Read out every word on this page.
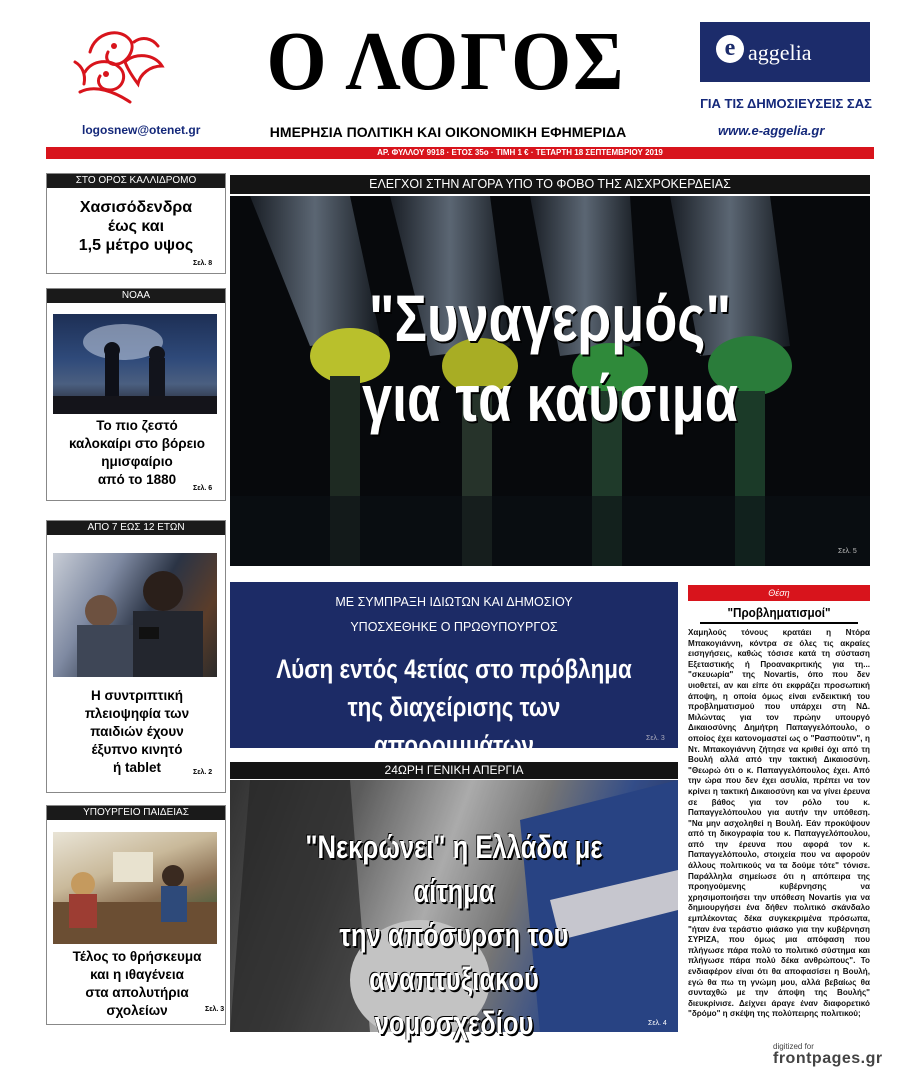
logosnew@otenet.gr
Ο ΛΟΓΟΣ
ΗΜΕΡΗΣΙΑ ΠΟΛΙΤΙΚΗ ΚΑΙ ΟΙΚΟΝΟΜΙΚΗ ΕΦΗΜΕΡΙΔΑ
e aggelia
ΓΙΑ ΤΙΣ ΔΗΜΟΣΙΕΥΣΕΙΣ ΣΑΣ
www.e-aggelia.gr
ΑΡ. ΦΥΛΛΟΥ 9918 · ΕΤΟΣ 35ο · ΤΙΜΗ 1 € · ΤΕΤΑΡΤΗ 18 ΣΕΠΤΕΜΒΡΙΟΥ 2019
ΣΤΟ ΟΡΟΣ ΚΑΛΛΙΔΡΟΜΟ
Χασισόδενδρα
έως και
1,5 μέτρο υψος
Σελ. 8
ΝΟΑΑ
Το πιο ζεστό
καλοκαίρι στο βόρειο
ημισφαίριο
από το 1880
Σελ. 6
ΑΠΟ 7 ΕΩΣ 12 ΕΤΩΝ
Η συντριπτική
πλειοψηφία των
παιδιών έχουν
έξυπνο κινητό
ή tablet	Σελ. 2
ΥΠΟΥΡΓΕΙΟ ΠΑΙΔΕΙΑΣ
Τέλος το θρήσκευμα
και η ιθαγένεια
στα απολυτήρια
σχολείων	Σελ. 3
ΕΛΕΓΧΟΙ ΣΤΗΝ ΑΓΟΡΑ ΥΠΟ ΤΟ ΦΟΒΟ ΤΗΣ ΑΙΣΧΡΟΚΕΡΔΕΙΑΣ
"Συναγερμός"
για τα καύσιμα
Σελ. 5
ΜΕ ΣΥΜΠΡΑΞΗ ΙΔΙΩΤΩΝ ΚΑΙ ΔΗΜΟΣΙΟΥ
ΥΠΟΣΧΕΘΗΚΕ Ο ΠΡΩΘΥΠΟΥΡΓΟΣ
Λύση εντός 4ετίας στο πρόβλημα
της διαχείρισης των απορριμμάτων	Σελ. 3
24ΩΡΗ ΓΕΝΙΚΗ ΑΠΕΡΓΙΑ
"Νεκρώνει" η Ελλάδα με αίτημα
την απόσυρση του αναπτυξιακού
νομοσχεδίου	Σελ. 4
Θέση
"Προβληματισμοί"
Χαμηλούς τόνους κρατάει η Ντόρα Μπακογιάννη, κόντρα σε όλες τις ακραίες εισηγήσεις, καθώς τόσισε κατά τη σύσταση Εξεταστικής ή Προανακριτικής για τη... "σκευωρία" της Novartis, όπο που δεν υιοθετεί, αν και είπε ότι εκφράζει προσωπική άποψη, η οποία όμως είναι ενδεικτική του προβληματισμού που υπάρχει στη ΝΔ. Μιλώντας για τον πρώην υπουργό Δικαιοσύνης Δημήτρη Παπαγγελόπουλο, ο οποίος έχει κατονομαστεί ως ο "Ρασπούτιν", η Ντ. Μπακογιάννη ζήτησε να κριθεί όχι από τη Βουλή αλλά από την τακτική Δικαιοσύνη. "Θεωρώ ότι ο κ. Παπαγγελόπουλος έχει. Από την ώρα που δεν έχει ασυλία, πρέπει να τον κρίνει η τακτική Δικαιοσύνη και να γίνει έρευνα σε βάθος για τον ρόλο του κ. Παπαγγελόπουλου για αυτήν την υπόθεση. "Να μην ασχοληθεί η Βουλή. Εάν προκύψουν από τη δικογραφία του κ. Παπαγγελόπουλου, από την έρευνα που αφορά τον κ. Παπαγγελόπουλο, στοιχεία που να αφορούν άλλους πολιτικούς να τα δούμε τότε" τόνισε. Παράλληλα σημείωσε ότι η απόπειρα της προηγούμενης κυβέρνησης να χρησιμοποιήσει την υπόθεση Novartis για να δημιουργήσει ένα δήθεν πολιτικό σκάνδαλο εμπλέκοντας δέκα συγκεκριμένα πρόσωπα, "ήταν ένα τεράστιο φιάσκο για την κυβέρνηση ΣΥΡΙΖΑ, που όμως μια απόφαση που πλήγωσε πάρα πολύ το πολιτικό σύστημα και πλήγωσε πάρα πολύ δέκα ανθρώπους". Το ενδιαφέρον είναι ότι θα αποφασίσει η Βουλή, εγώ θα πω τη γνώμη μου, αλλά βεβαίως θα συνταχθώ με την άποψη της Βουλής" διευκρίνισε. Δείχνει άραγε έναν διαφορετικό "δρόμο" η σκέψη της πολύπειρης πολιτικού;
digitized for
frontpages.gr
